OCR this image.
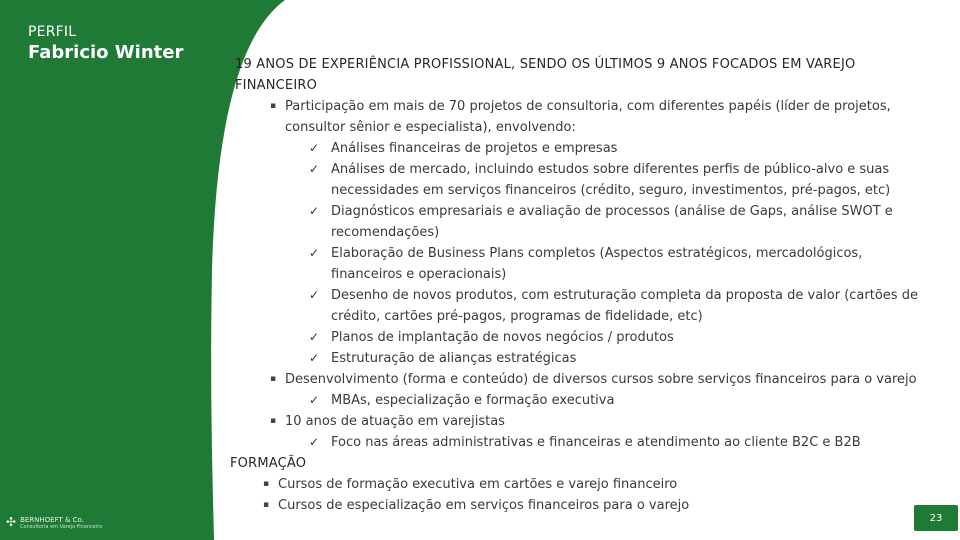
PERFIL
Fabricio Winter
✣ BERNHOEFT & Co.
Consultoria em Varejo Financeiro
19 ANOS DE EXPERIÊNCIA PROFISSIONAL, SENDO OS ÚLTIMOS 9 ANOS FOCADOS EM VAREJO FINANCEIRO
▪ Participação em mais de 70 projetos de consultoria, com diferentes papéis (líder de projetos, consultor sênior e especialista), envolvendo:
✓ Análises financeiras de projetos e empresas
✓ Análises de mercado, incluindo estudos sobre diferentes perfis de público-alvo e suas necessidades em serviços financeiros (crédito, seguro, investimentos, pré-pagos, etc)
✓ Diagnósticos empresariais e avaliação de processos (análise de Gaps, análise SWOT e recomendações)
✓ Elaboração de Business Plans completos (Aspectos estratégicos, mercadológicos, financeiros e operacionais)
✓ Desenho de novos produtos, com estruturação completa da proposta de valor (cartões de crédito, cartões pré-pagos, programas de fidelidade, etc)
✓ Planos de implantação de novos negócios / produtos
✓ Estruturação de alianças estratégicas
▪ Desenvolvimento (forma e conteúdo) de diversos cursos sobre serviços financeiros para o varejo
✓ MBAs, especialização e formação executiva
▪ 10 anos de atuação em varejistas
✓ Foco nas áreas administrativas e financeiras e atendimento ao cliente B2C e B2B
FORMAÇÃO
▪ Cursos de formação executiva em cartões e varejo financeiro
▪ Cursos de especialização em serviços financeiros para o varejo
23
